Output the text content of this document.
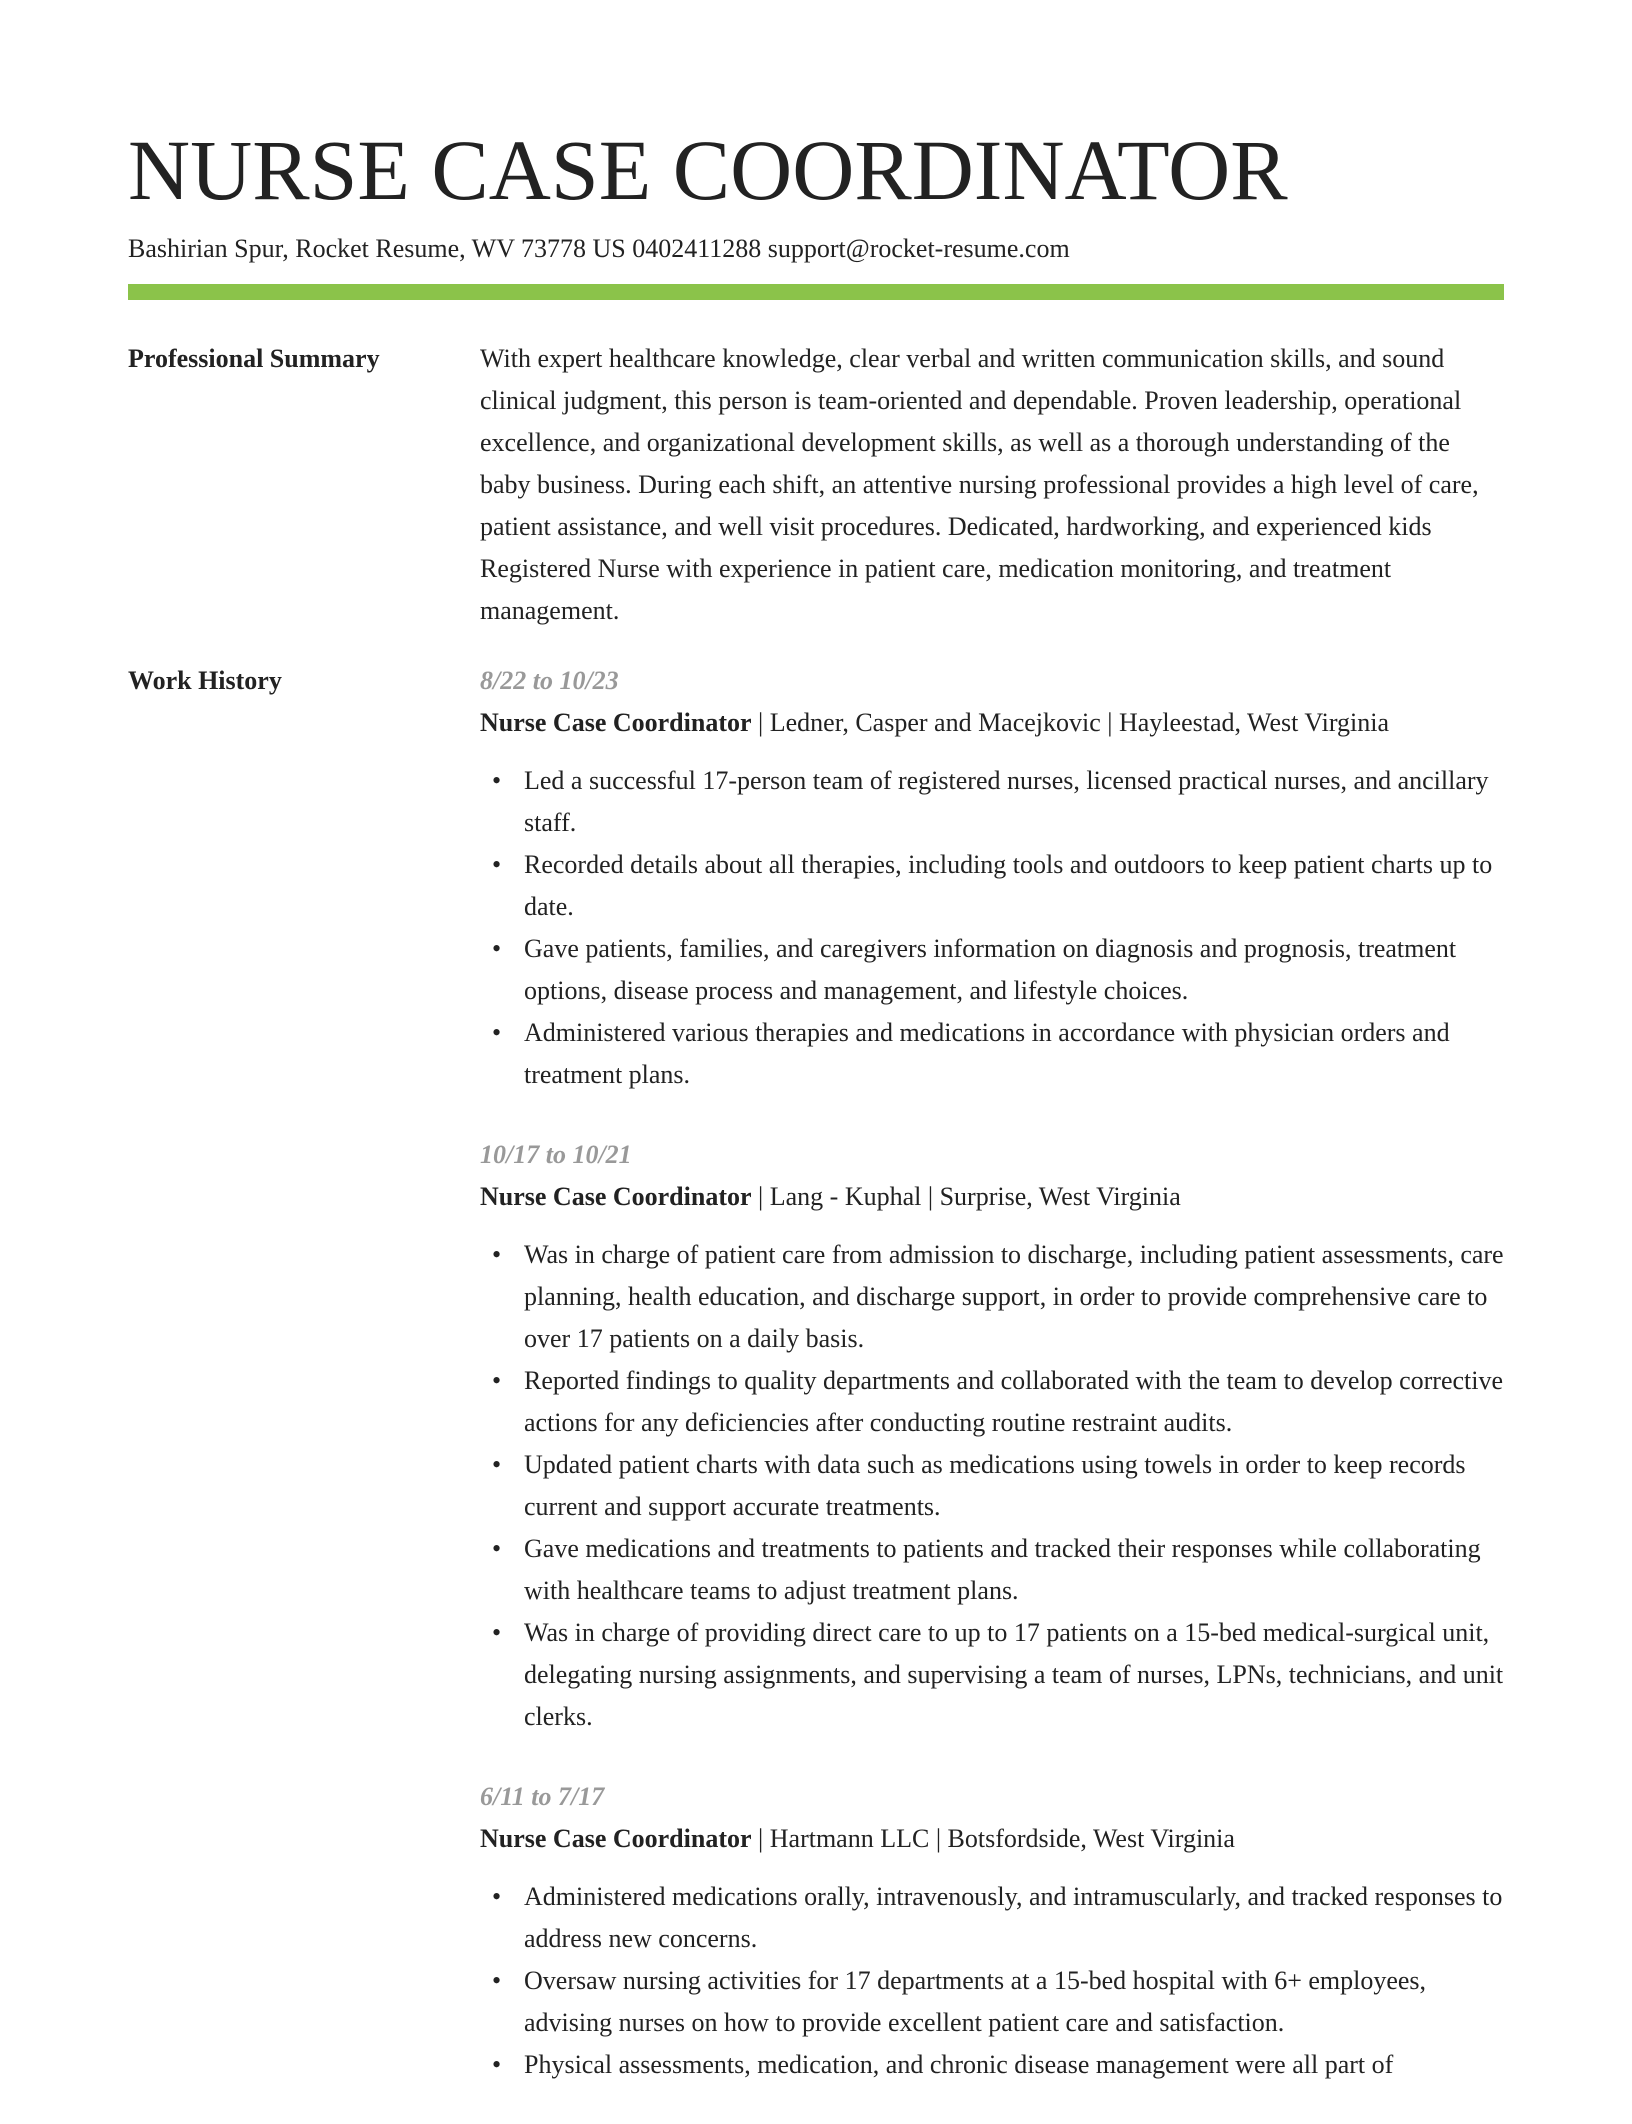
NURSE CASE COORDINATOR
Bashirian Spur, Rocket Resume, WV 73778 US 0402411288 support@rocket-resume.com
Professional Summary	With expert healthcare knowledge, clear verbal and written communication skills, and sound clinical judgment, this person is team-oriented and dependable. Proven leadership, operational excellence, and organizational development skills, as well as a thorough understanding of the baby business. During each shift, an attentive nursing professional provides a high level of care, patient assistance, and well visit procedures. Dedicated, hardworking, and experienced kids Registered Nurse with experience in patient care, medication monitoring, and treatment management.

Work History	8/22 to 10/23
Nurse Case Coordinator | Ledner, Casper and Macejkovic | Hayleestad, West Virginia
• Led a successful 17-person team of registered nurses, licensed practical nurses, and ancillary staff.
• Recorded details about all therapies, including tools and outdoors to keep patient charts up to date.
• Gave patients, families, and caregivers information on diagnosis and prognosis, treatment options, disease process and management, and lifestyle choices.
• Administered various therapies and medications in accordance with physician orders and treatment plans.
10/17 to 10/21
Nurse Case Coordinator | Lang - Kuphal | Surprise, West Virginia
• Was in charge of patient care from admission to discharge, including patient assessments, care planning, health education, and discharge support, in order to provide comprehensive care to over 17 patients on a daily basis.
• Reported findings to quality departments and collaborated with the team to develop corrective actions for any deficiencies after conducting routine restraint audits.
• Updated patient charts with data such as medications using towels in order to keep records current and support accurate treatments.
• Gave medications and treatments to patients and tracked their responses while collaborating with healthcare teams to adjust treatment plans.
• Was in charge of providing direct care to up to 17 patients on a 15-bed medical-surgical unit, delegating nursing assignments, and supervising a team of nurses, LPNs, technicians, and unit clerks.
6/11 to 7/17
Nurse Case Coordinator | Hartmann LLC | Botsfordside, West Virginia
• Administered medications orally, intravenously, and intramuscularly, and tracked responses to address new concerns.
• Oversaw nursing activities for 17 departments at a 15-bed hospital with 6+ employees, advising nurses on how to provide excellent patient care and satisfaction.
• Physical assessments, medication, and chronic disease management were all part of
